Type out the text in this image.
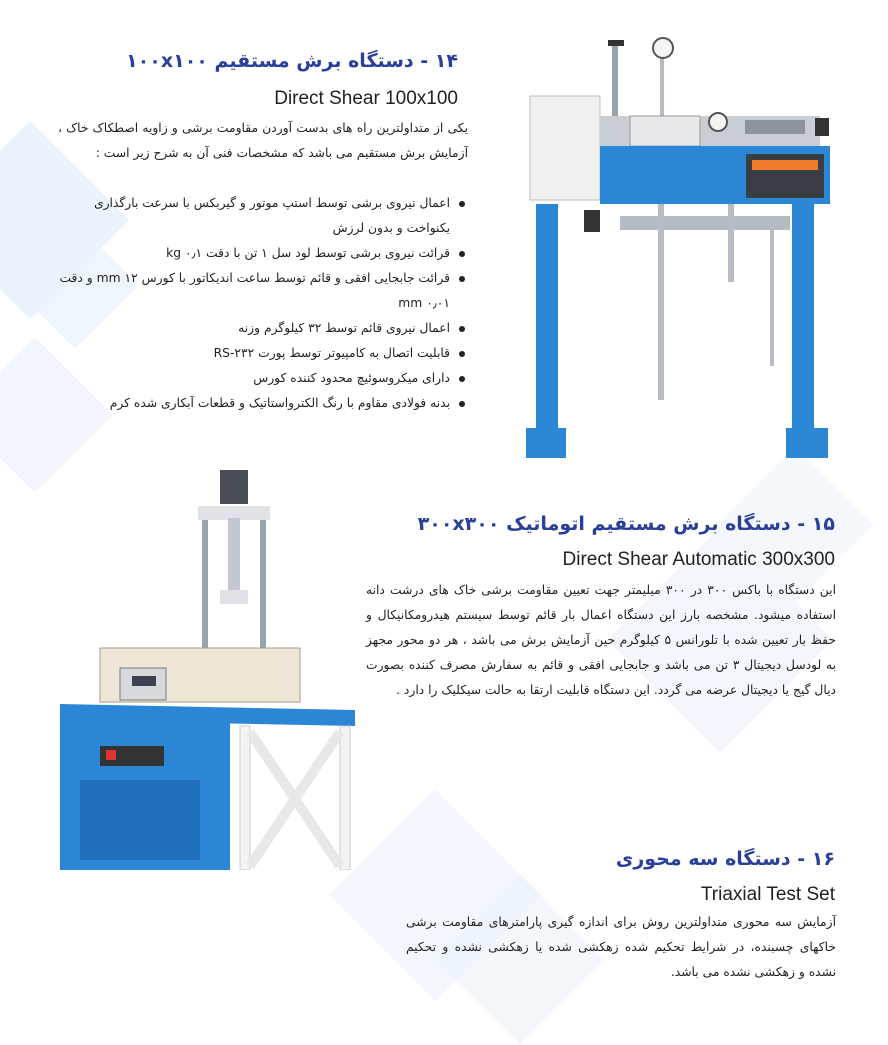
۱۴ - دستگاه برش مستقیم ۱۰۰x۱۰۰
Direct Shear 100x100
یکی از متداولترین راه های بدست آوردن مقاومت برشی و زاویه اصطکاک خاک ، آزمایش برش مستقیم می باشد که مشخصات فنی آن به شرح زیر است :
اعمال نیروی برشی توسط استپ موتور و گیربکس با سرعت بارگذاری یکنواخت و بدون لرزش
قرائت نیروی برشی توسط لود سل ۱ تن با دقت ۰٫۱ kg
قرائت جابجایی افقی و قائم توسط ساعت اندیکاتور با کورس ۱۲ mm و دقت ۰٫۰۱ mm
اعمال نیروی قائم توسط ۳۲ کیلوگرم وزنه
قابلیت اتصال به کامپیوتر توسط پورت RS-۲۳۲
دارای میکروسوئیچ محدود کننده کورس
بدنه فولادی مقاوم با رنگ الکترواستاتیک و قطعات آبکاری شده کرم
۱۵ - دستگاه برش مستقیم اتوماتیک ۳۰۰x۳۰۰
Direct Shear Automatic 300x300
این دستگاه با باکس ۳۰۰ در ۳۰۰ میلیمتر جهت تعیین مقاومت برشی خاک های درشت دانه استفاده میشود. مشخصه بارز این دستگاه اعمال بار قائم توسط سیستم هیدرومکانیکال و حفظ بار تعیین شده با تلورانس ۵ کیلوگرم حین آزمایش برش می باشد ، هر دو محور مجهز به لودسل دیجیتال ۳ تن می باشد و جابجایی افقی و قائم به سفارش مصرف کننده بصورت دیال گیج یا دیجیتال عرضه می گردد. این دستگاه قابلیت ارتقا به حالت سیکلیک را دارد .
۱۶ - دستگاه سه محوری
Triaxial Test Set
آزمایش سه محوری متداولترین روش برای اندازه گیری پارامترهای مقاومت برشی خاکهای چسبنده، در شرایط تحکیم شده زهکشی شده یا زهکشی نشده و تحکیم نشده و زهکشی نشده می باشد.
